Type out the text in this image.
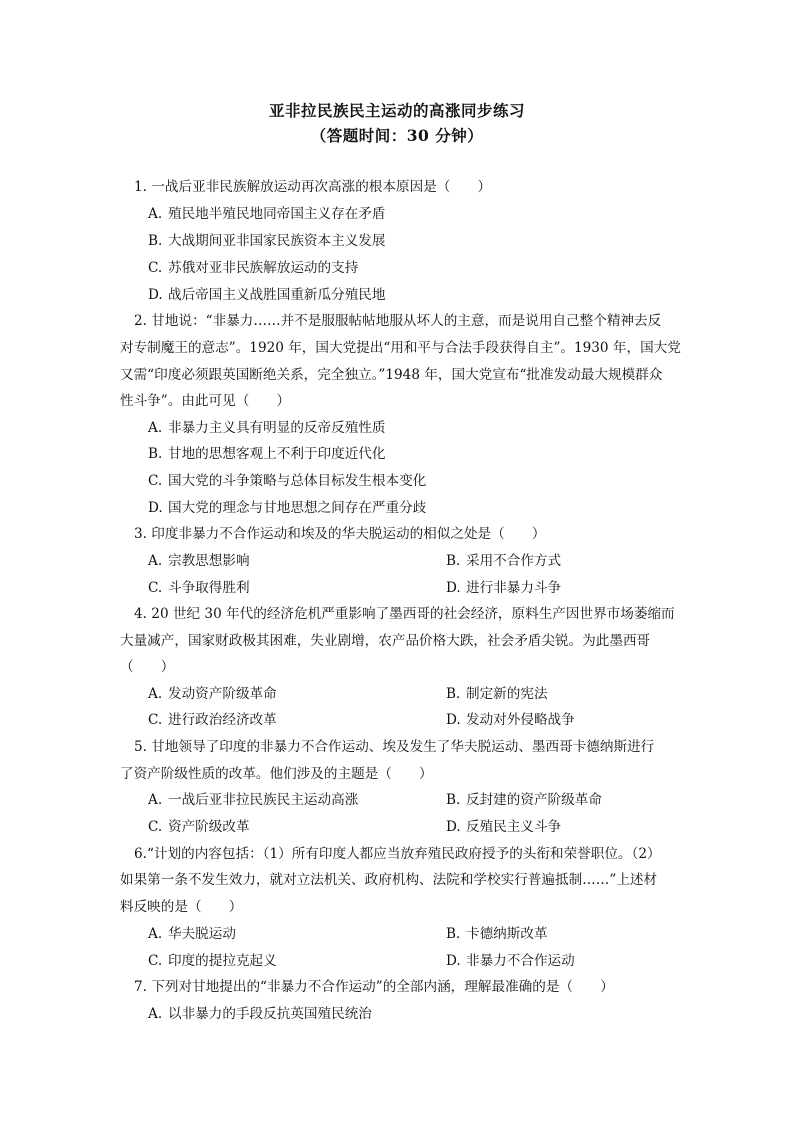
亚非拉民族民主运动的高涨同步练习
（答题时间：30 分钟）
1. 一战后亚非民族解放运动再次高涨的根本原因是（　　）
A. 殖民地半殖民地同帝国主义存在矛盾
B. 大战期间亚非国家民族资本主义发展
C. 苏俄对亚非民族解放运动的支持
D. 战后帝国主义战胜国重新瓜分殖民地
2. 甘地说：“非暴力……并不是服服帖帖地服从坏人的主意，而是说用自己整个精神去反
对专制魔王的意志”。1920 年，国大党提出“用和平与合法手段获得自主”。1930 年，国大党
又需“印度必须跟英国断绝关系，完全独立。”1948 年，国大党宣布“批准发动最大规模群众
性斗争”。由此可见（　　）
A. 非暴力主义具有明显的反帝反殖性质
B. 甘地的思想客观上不利于印度近代化
C. 国大党的斗争策略与总体目标发生根本变化
D. 国大党的理念与甘地思想之间存在严重分歧
3. 印度非暴力不合作运动和埃及的华夫脱运动的相似之处是（　　）
A. 宗教思想影响	B. 采用不合作方式
C. 斗争取得胜利	D. 进行非暴力斗争
4. 20 世纪 30 年代的经济危机严重影响了墨西哥的社会经济，原料生产因世界市场萎缩而
大量减产，国家财政极其困难，失业剧增，农产品价格大跌，社会矛盾尖锐。为此墨西哥
（　　）
A. 发动资产阶级革命	B. 制定新的宪法
C. 进行政治经济改革	D. 发动对外侵略战争
5. 甘地领导了印度的非暴力不合作运动、埃及发生了华夫脱运动、墨西哥卡德纳斯进行
了资产阶级性质的改革。他们涉及的主题是（　　）
A. 一战后亚非拉民族民主运动高涨	B. 反封建的资产阶级革命
C. 资产阶级改革	D. 反殖民主义斗争
6.“计划的内容包括：（1）所有印度人都应当放弃殖民政府授予的头衔和荣誉职位。（2）
如果第一条不发生效力，就对立法机关、政府机构、法院和学校实行普遍抵制……”上述材
料反映的是（　　）
A. 华夫脱运动	B. 卡德纳斯改革
C. 印度的提拉克起义	D. 非暴力不合作运动
7. 下列对甘地提出的“非暴力不合作运动”的全部内涵，理解最准确的是（　　）
A. 以非暴力的手段反抗英国殖民统治
